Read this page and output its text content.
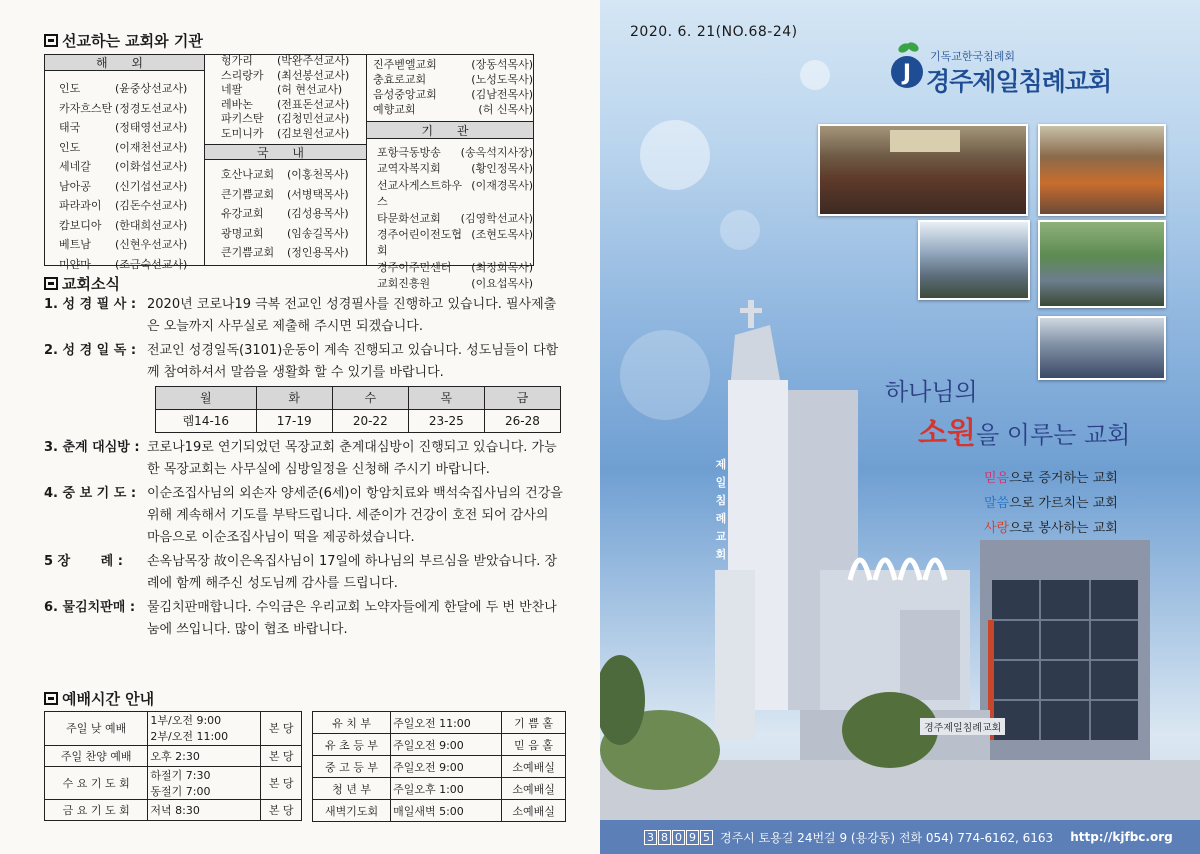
선교하는 교회와 기관
해 외
국 내
기 관
인도	(윤중상선교사)
카자흐스탄 (정경도선교사)
태국	(정태영선교사)
인도	(이재천선교사)
세네갈	(이화섭선교사)
남아공	(신기섭선교사)
파라과이	(김돈수선교사)
캄보디아	(한대희선교사)
베트남	(신현우선교사)
미얀마	(조금숙선교사)
헝가리	(박완주선교사)
스리랑카	(최선봉선교사)
네팔	(허 현선교사)
레바논	(전표돈선교사)
파키스탄	(김청민선교사)
도미니카	(김보원선교사)
호산나교회	(이홍천목사)
큰기쁨교회	(서병택목사)
유강교회	(김성용목사)
광명교회	(임송길목사)
큰기쁨교회	(정인용목사)
진주벧엘교회	(장동석목사)
충효로교회	(노성도목사)
음성중앙교회	(김남전목사)
예향교회	(허 신목사)
포항극동방송	(송옥석지사장)
교역자복지회	(황인정목사)
선교사게스트하우스
(이재경목사)
타문화선교회	(김영학선교사)
경주어린이전도협회
(조현도목사)
경주이주민센터	(최정희목사)
교회진흥원	(이요섭목사)
교회소식
1. 성 경 필 사 : 2020년 코로나19 극복 전교인 성경필사를 진행하고 있습니다. 필사제출은 오늘까지 사무실로 제출해 주시면 되겠습니다.
2. 성 경 일 독 : 전교인 성경일독(3101)운동이 계속 진행되고 있습니다. 성도님들이 다함께 참여하셔서 말씀을 생활화 할 수 있기를 바랍니다.
월	화	수	목	금
렘14-16	17-19	20-22	23-25	26-28
3. 춘계 대심방 : 코로나19로 연기되었던 목장교회 춘계대심방이 진행되고 있습니다. 가능한 목장교회는 사무실에 심방일정을 신청해 주시기 바랍니다.
4. 중 보 기 도 : 이순조집사님의 외손자 양세준(6세)이 항암치료와 백석숙집사님의 건강을 위해 계속해서 기도를 부탁드립니다. 세준이가 건강이 호전 되어 감사의 마음으로 이순조집사님이 떡을 제공하셨습니다.
5 장　　 례 :	손옥남목장 故이은옥집사님이 17일에 하나님의 부르심을 받았습니다. 장례에 함께 해주신 성도님께 감사를 드립니다.
6. 물김치판매 : 물김치판매합니다. 수익금은 우리교회 노약자들에게 한달에 두 번 반찬나눔에 쓰입니다. 많이 협조 바랍니다.
예배시간 안내
주일 낮 예배	1부/오전 9:00
2부/오전 11:00	본 당
주일 찬양 예배	오후 2:30	본 당
수 요 기 도 회	하절기 7:30
동절기 7:00	본 당
금 요 기 도 회	저녁 8:30	본 당
유 치 부	주일오전 11:00	기 쁨 홀
유 초 등 부	주일오전 9:00	믿 음 홀
중 고 등 부	주일오전 9:00	소예배실
청 년 부	주일오후 1:00	소예배실
새벽기도회	매일새벽 5:00	소예배실
2020. 6. 21(NO.68-24)
J
기독교한국침례회
경주제일침례교회
하나님의
소원을 이루는 교회
믿음으로 증거하는 교회
말씀으로 가르치는 교회
사랑으로 봉사하는 교회
제일침례교회
경주제일침례교회
3 8 0 9 5 경주시 토용길 24번길 9 (용강동) 전화 054) 774-6162, 6163 http://kjfbc.org
